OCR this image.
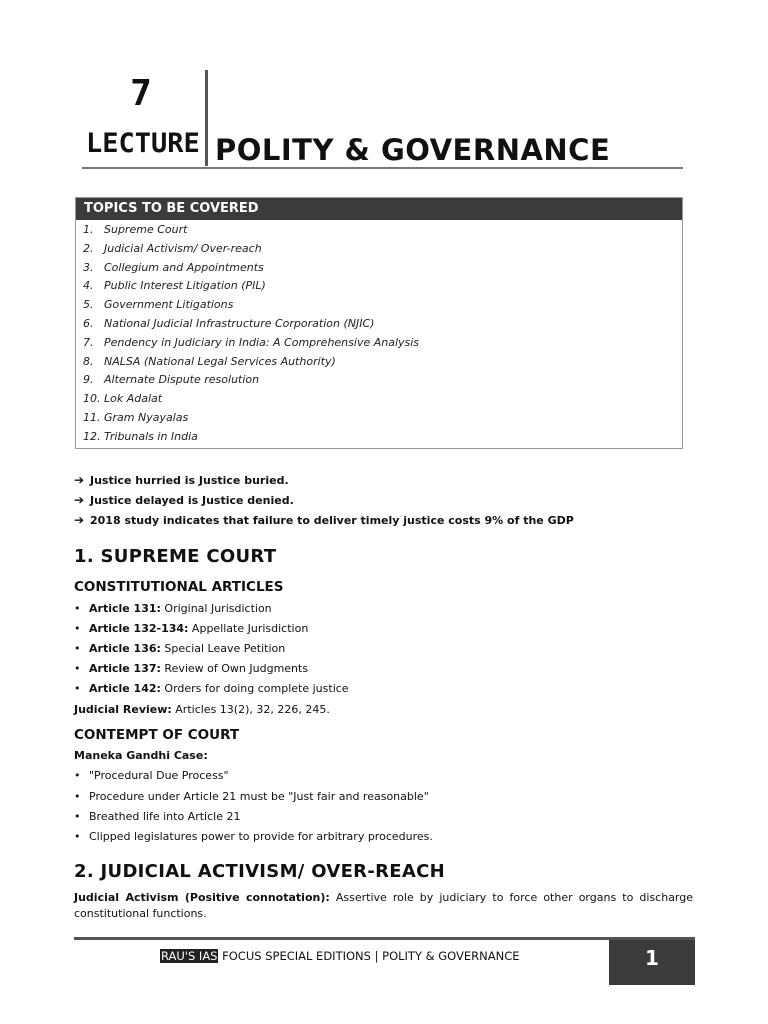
7
LECTURE POLITY & GOVERNANCE
TOPICS TO BE COVERED
1. Supreme Court
2. Judicial Activism/ Over-reach
3. Collegium and Appointments
4. Public Interest Litigation (PIL)
5. Government Litigations
6. National Judicial Infrastructure Corporation (NJIC)
7. Pendency in Judiciary in India: A Comprehensive Analysis
8. NALSA (National Legal Services Authority)
9. Alternate Dispute resolution
10. Lok Adalat
11. Gram Nyayalas
12. Tribunals in India
➔ Justice hurried is Justice buried.
➔ Justice delayed is Justice denied.
➔ 2018 study indicates that failure to deliver timely justice costs 9% of the GDP
1. SUPREME COURT
CONSTITUTIONAL ARTICLES
• Article 131: Original Jurisdiction
• Article 132-134: Appellate Jurisdiction
• Article 136: Special Leave Petition
• Article 137: Review of Own Judgments
• Article 142: Orders for doing complete justice
Judicial Review: Articles 13(2), 32, 226, 245.
CONTEMPT OF COURT
Maneka Gandhi Case:
• "Procedural Due Process"
• Procedure under Article 21 must be "Just fair and reasonable"
• Breathed life into Article 21
• Clipped legislatures power to provide for arbitrary procedures.
2. JUDICIAL ACTIVISM/ OVER-REACH
Judicial Activism (Positive connotation): Assertive role by judiciary to force other organs to discharge constitutional functions.
RAU'S IAS FOCUS SPECIAL EDITIONS | POLITY & GOVERNANCE	1
